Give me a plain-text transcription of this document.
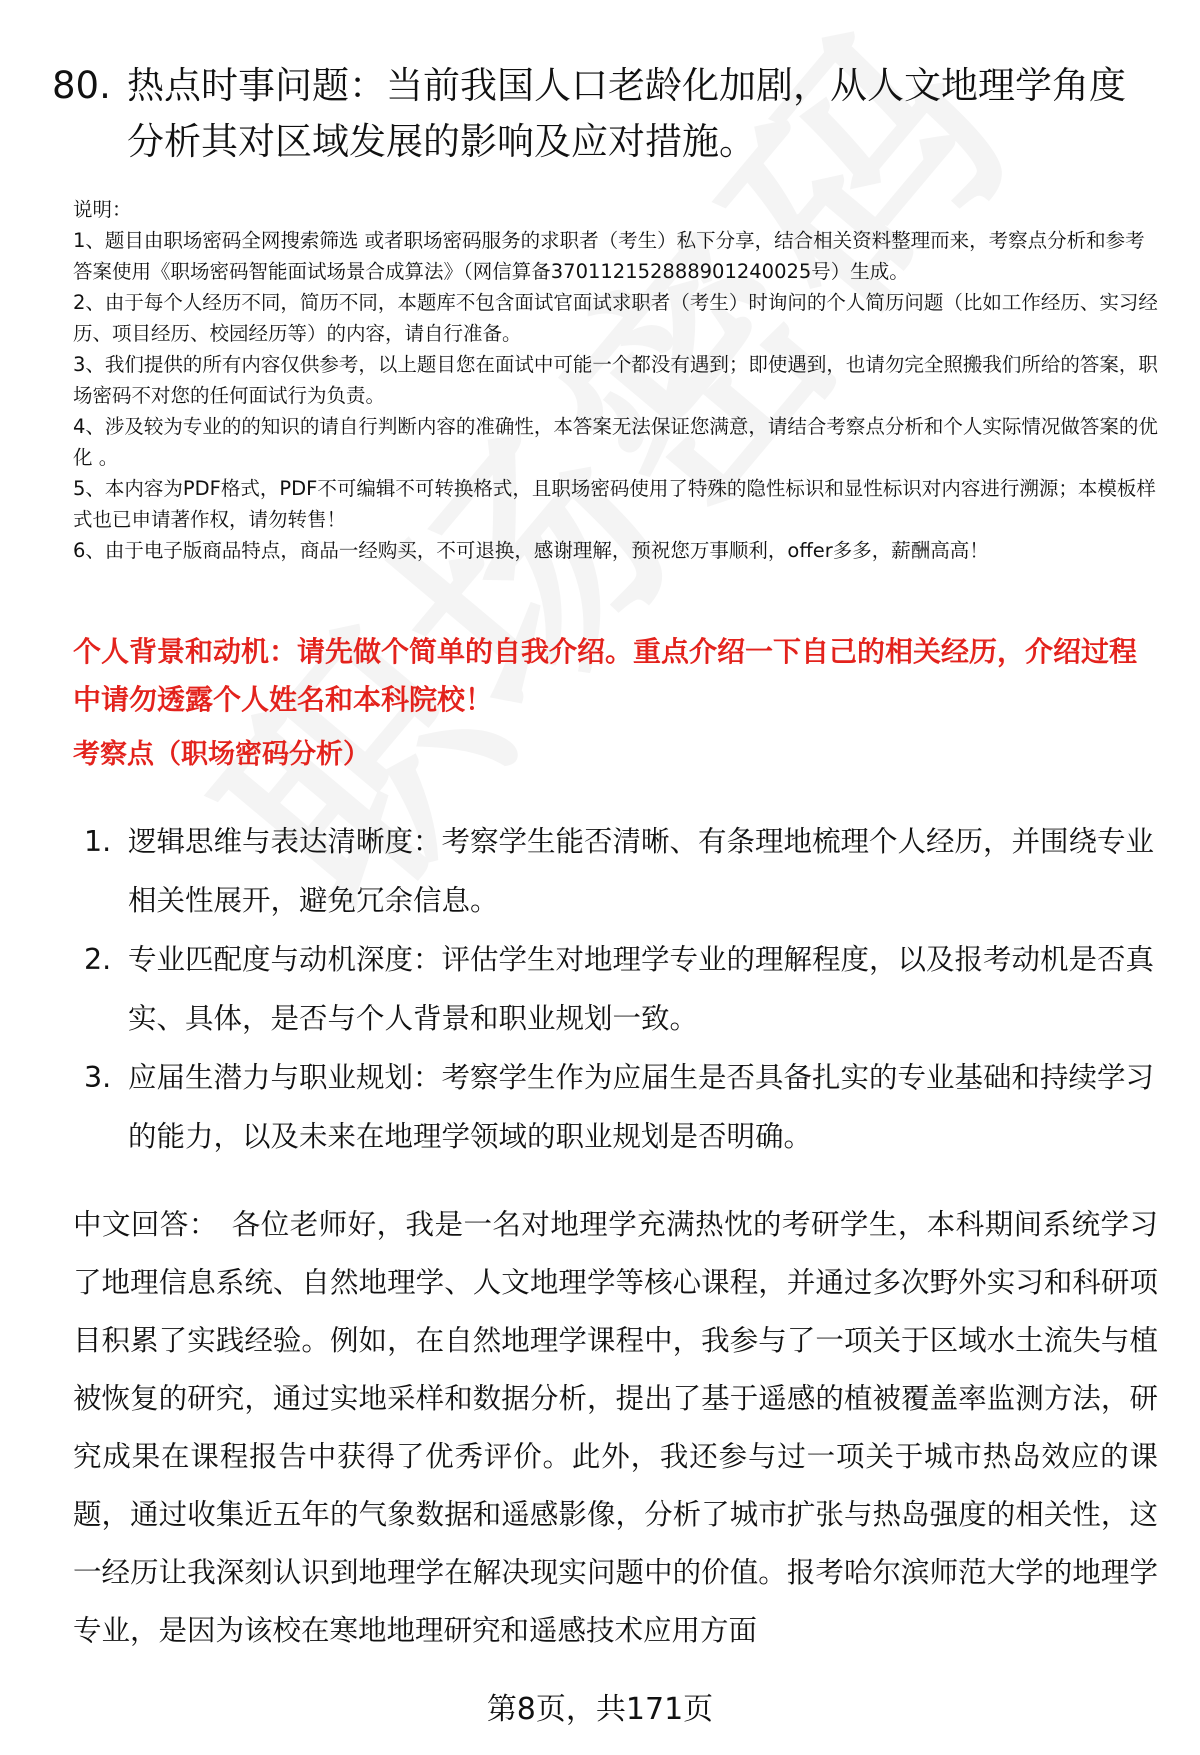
80. 热点时事问题：当前我国人口老龄化加剧，从人文地理学角度分析其对区域发展的影响及应对措施。

说明：

1、题目由职场密码全网搜索筛选 或者职场密码服务的求职者（考生）私下分享，结合相关资料整理而来，考察点分析和参考答案使用《职场密码智能面试场景合成算法》（网信算备370112152888901240025号）生成。

2、由于每个人经历不同，简历不同，本题库不包含面试官面试求职者（考生）时询问的个人简历问题（比如工作经历、实习经历、项目经历、校园经历等）的内容，请自行准备。

3、我们提供的所有内容仅供参考，以上题目您在面试中可能一个都没有遇到；即使遇到，也请勿完全照搬我们所给的答案，职场密码不对您的任何面试行为负责。

4、涉及较为专业的的知识的请自行判断内容的准确性，本答案无法保证您满意，请结合考察点分析和个人实际情况做答案的优化 。

5、本内容为PDF格式，PDF不可编辑不可转换格式，且职场密码使用了特殊的隐性标识和显性标识对内容进行溯源；本模板样式也已申请著作权，请勿转售！

6、由于电子版商品特点，商品一经购买，不可退换，感谢理解，预祝您万事顺利，offer多多，薪酬高高！

个人背景和动机：请先做个简单的自我介绍。重点介绍一下自己的相关经历，介绍过程中请勿透露个人姓名和本科院校！
考察点（职场密码分析）
1. 逻辑思维与表达清晰度：考察学生能否清晰、有条理地梳理个人经历，并围绕专业相关性展开，避免冗余信息。
2. 专业匹配度与动机深度：评估学生对地理学专业的理解程度，以及报考动机是否真实、具体，是否与个人背景和职业规划一致。
3. 应届生潜力与职业规划：考察学生作为应届生是否具备扎实的专业基础和持续学习的能力，以及未来在地理学领域的职业规划是否明确。

中文回答： 各位老师好，我是一名对地理学充满热忱的考研学生，本科期间系统学习了地理信息系统、自然地理学、人文地理学等核心课程，并通过多次野外实习和科研项目积累了实践经验。例如，在自然地理学课程中，我参与了一项关于区域水土流失与植被恢复的研究，通过实地采样和数据分析，提出了基于遥感的植被覆盖率监测方法，研究成果在课程报告中获得了优秀评价。此外，我还参与过一项关于城市热岛效应的课题，通过收集近五年的气象数据和遥感影像，分析了城市扩张与热岛强度的相关性，这一经历让我深刻认识到地理学在解决现实问题中的价值。报考哈尔滨师范大学的地理学专业，是因为该校在寒地地理研究和遥感技术应用方面

第8页，共171页
